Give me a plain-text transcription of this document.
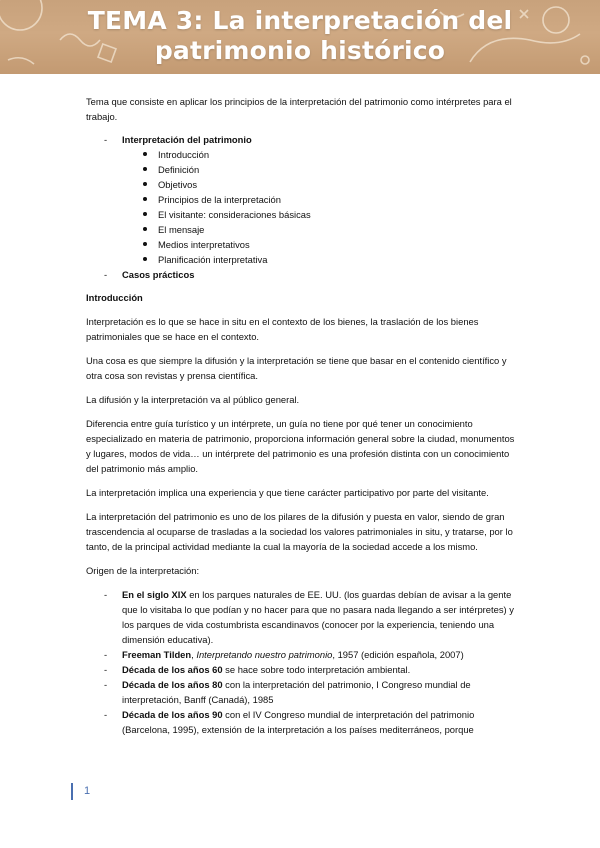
TEMA 3: La interpretación del
patrimonio histórico

Tema que consiste en aplicar los principios de la interpretación del patrimonio como intérpretes para el trabajo.

- Interpretación del patrimonio
Introducción
Definición
Objetivos
Principios de la interpretación
El visitante: consideraciones básicas
El mensaje
Medios interpretativos
Planificación interpretativa
- Casos prácticos

Introducción

Interpretación es lo que se hace in situ en el contexto de los bienes, la traslación de los bienes patrimoniales que se hace en el contexto.

Una cosa es que siempre la difusión y la interpretación se tiene que basar en el contenido científico y otra cosa son revistas y prensa científica.

La difusión y la interpretación va al público general.

Diferencia entre guía turístico y un intérprete, un guía no tiene por qué tener un conocimiento especializado en materia de patrimonio, proporciona información general sobre la ciudad, monumentos y lugares, modos de vida… un intérprete del patrimonio es una profesión distinta con un conocimiento del patrimonio más amplio.

La interpretación implica una experiencia y que tiene carácter participativo por parte del visitante.

La interpretación del patrimonio es uno de los pilares de la difusión y puesta en valor, siendo de gran trascendencia al ocuparse de trasladas a la sociedad los valores patrimoniales in situ, y tratarse, por lo tanto, de la principal actividad mediante la cual la mayoría de la sociedad accede a los mismo.

Origen de la interpretación:

- En el siglo XIX en los parques naturales de EE. UU. (los guardas debían de avisar a la gente que lo visitaba lo que podían y no hacer para que no pasara nada llegando a ser intérpretes) y los parques de vida costumbrista escandinavos (conocer por la experiencia, teniendo una dimensión educativa).
- Freeman Tilden, Interpretando nuestro patrimonio, 1957 (edición española, 2007)
- Década de los años 60 se hace sobre todo interpretación ambiental.
- Década de los años 80 con la interpretación del patrimonio, I Congreso mundial de interpretación, Banff (Canadá), 1985
- Década de los años 90 con el IV Congreso mundial de interpretación del patrimonio (Barcelona, 1995), extensión de la interpretación a los países mediterráneos, porque
1
